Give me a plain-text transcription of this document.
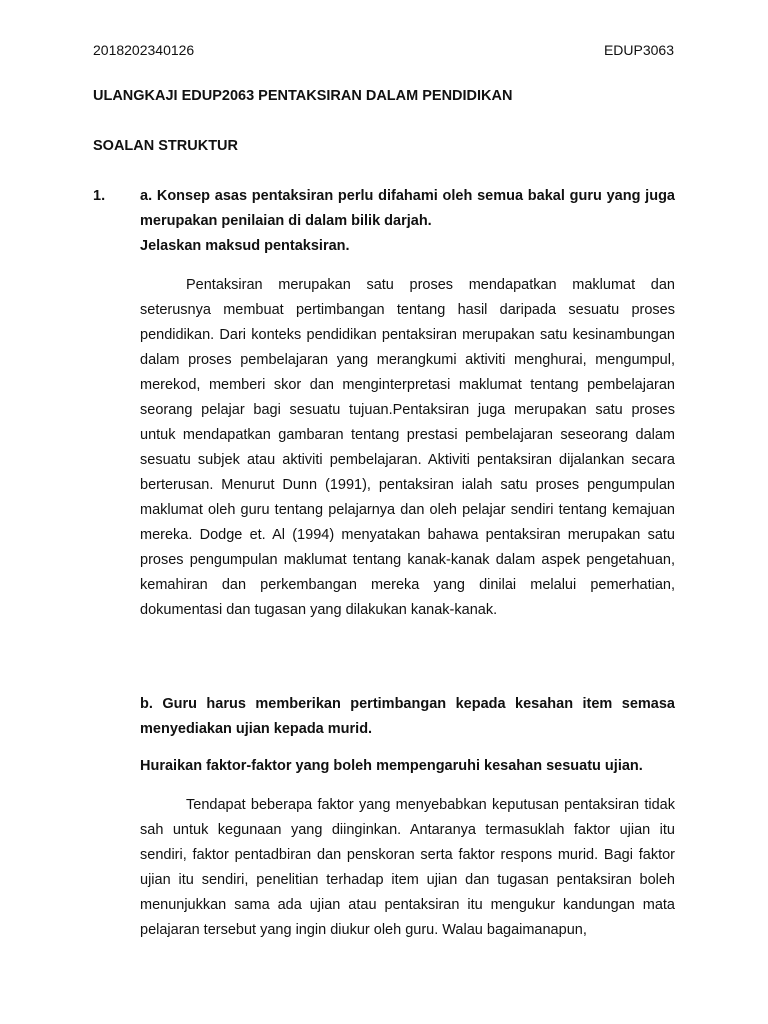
2018202340126	EDUP3063
ULANGKAJI EDUP2063 PENTAKSIRAN DALAM PENDIDIKAN
SOALAN STRUKTUR
1. a. Konsep asas pentaksiran perlu difahami oleh semua bakal guru yang juga merupakan penilaian di dalam bilik darjah.

Jelaskan maksud pentaksiran.

Pentaksiran merupakan satu proses mendapatkan maklumat dan seterusnya membuat pertimbangan tentang hasil daripada sesuatu proses pendidikan. Dari konteks pendidikan pentaksiran merupakan satu kesinambungan dalam proses pembelajaran yang merangkumi aktiviti menghurai, mengumpul, merekod, memberi skor dan menginterpretasi maklumat tentang pembelajaran seorang pelajar bagi sesuatu tujuan.Pentaksiran juga merupakan satu proses untuk mendapatkan gambaran tentang prestasi pembelajaran seseorang dalam sesuatu subjek atau aktiviti pembelajaran. Aktiviti pentaksiran dijalankan secara berterusan. Menurut Dunn (1991), pentaksiran ialah satu proses pengumpulan maklumat oleh guru tentang pelajarnya dan oleh pelajar sendiri tentang kemajuan mereka. Dodge et. Al (1994) menyatakan bahawa pentaksiran merupakan satu proses pengumpulan maklumat tentang kanak-kanak dalam aspek pengetahuan, kemahiran dan perkembangan mereka yang dinilai melalui pemerhatian, dokumentasi dan tugasan yang dilakukan kanak-kanak.

b. Guru harus memberikan pertimbangan kepada kesahan item semasa menyediakan ujian kepada murid.

Huraikan faktor-faktor yang boleh mempengaruhi kesahan sesuatu ujian.

Tendapat beberapa faktor yang menyebabkan keputusan pentaksiran tidak sah untuk kegunaan yang diinginkan. Antaranya termasuklah faktor ujian itu sendiri, faktor pentadbiran dan penskoran serta faktor respons murid. Bagi faktor ujian itu sendiri, penelitian terhadap item ujian dan tugasan pentaksiran boleh menunjukkan sama ada ujian atau pentaksiran itu mengukur kandungan mata pelajaran tersebut yang ingin diukur oleh guru. Walau bagaimanapun,
